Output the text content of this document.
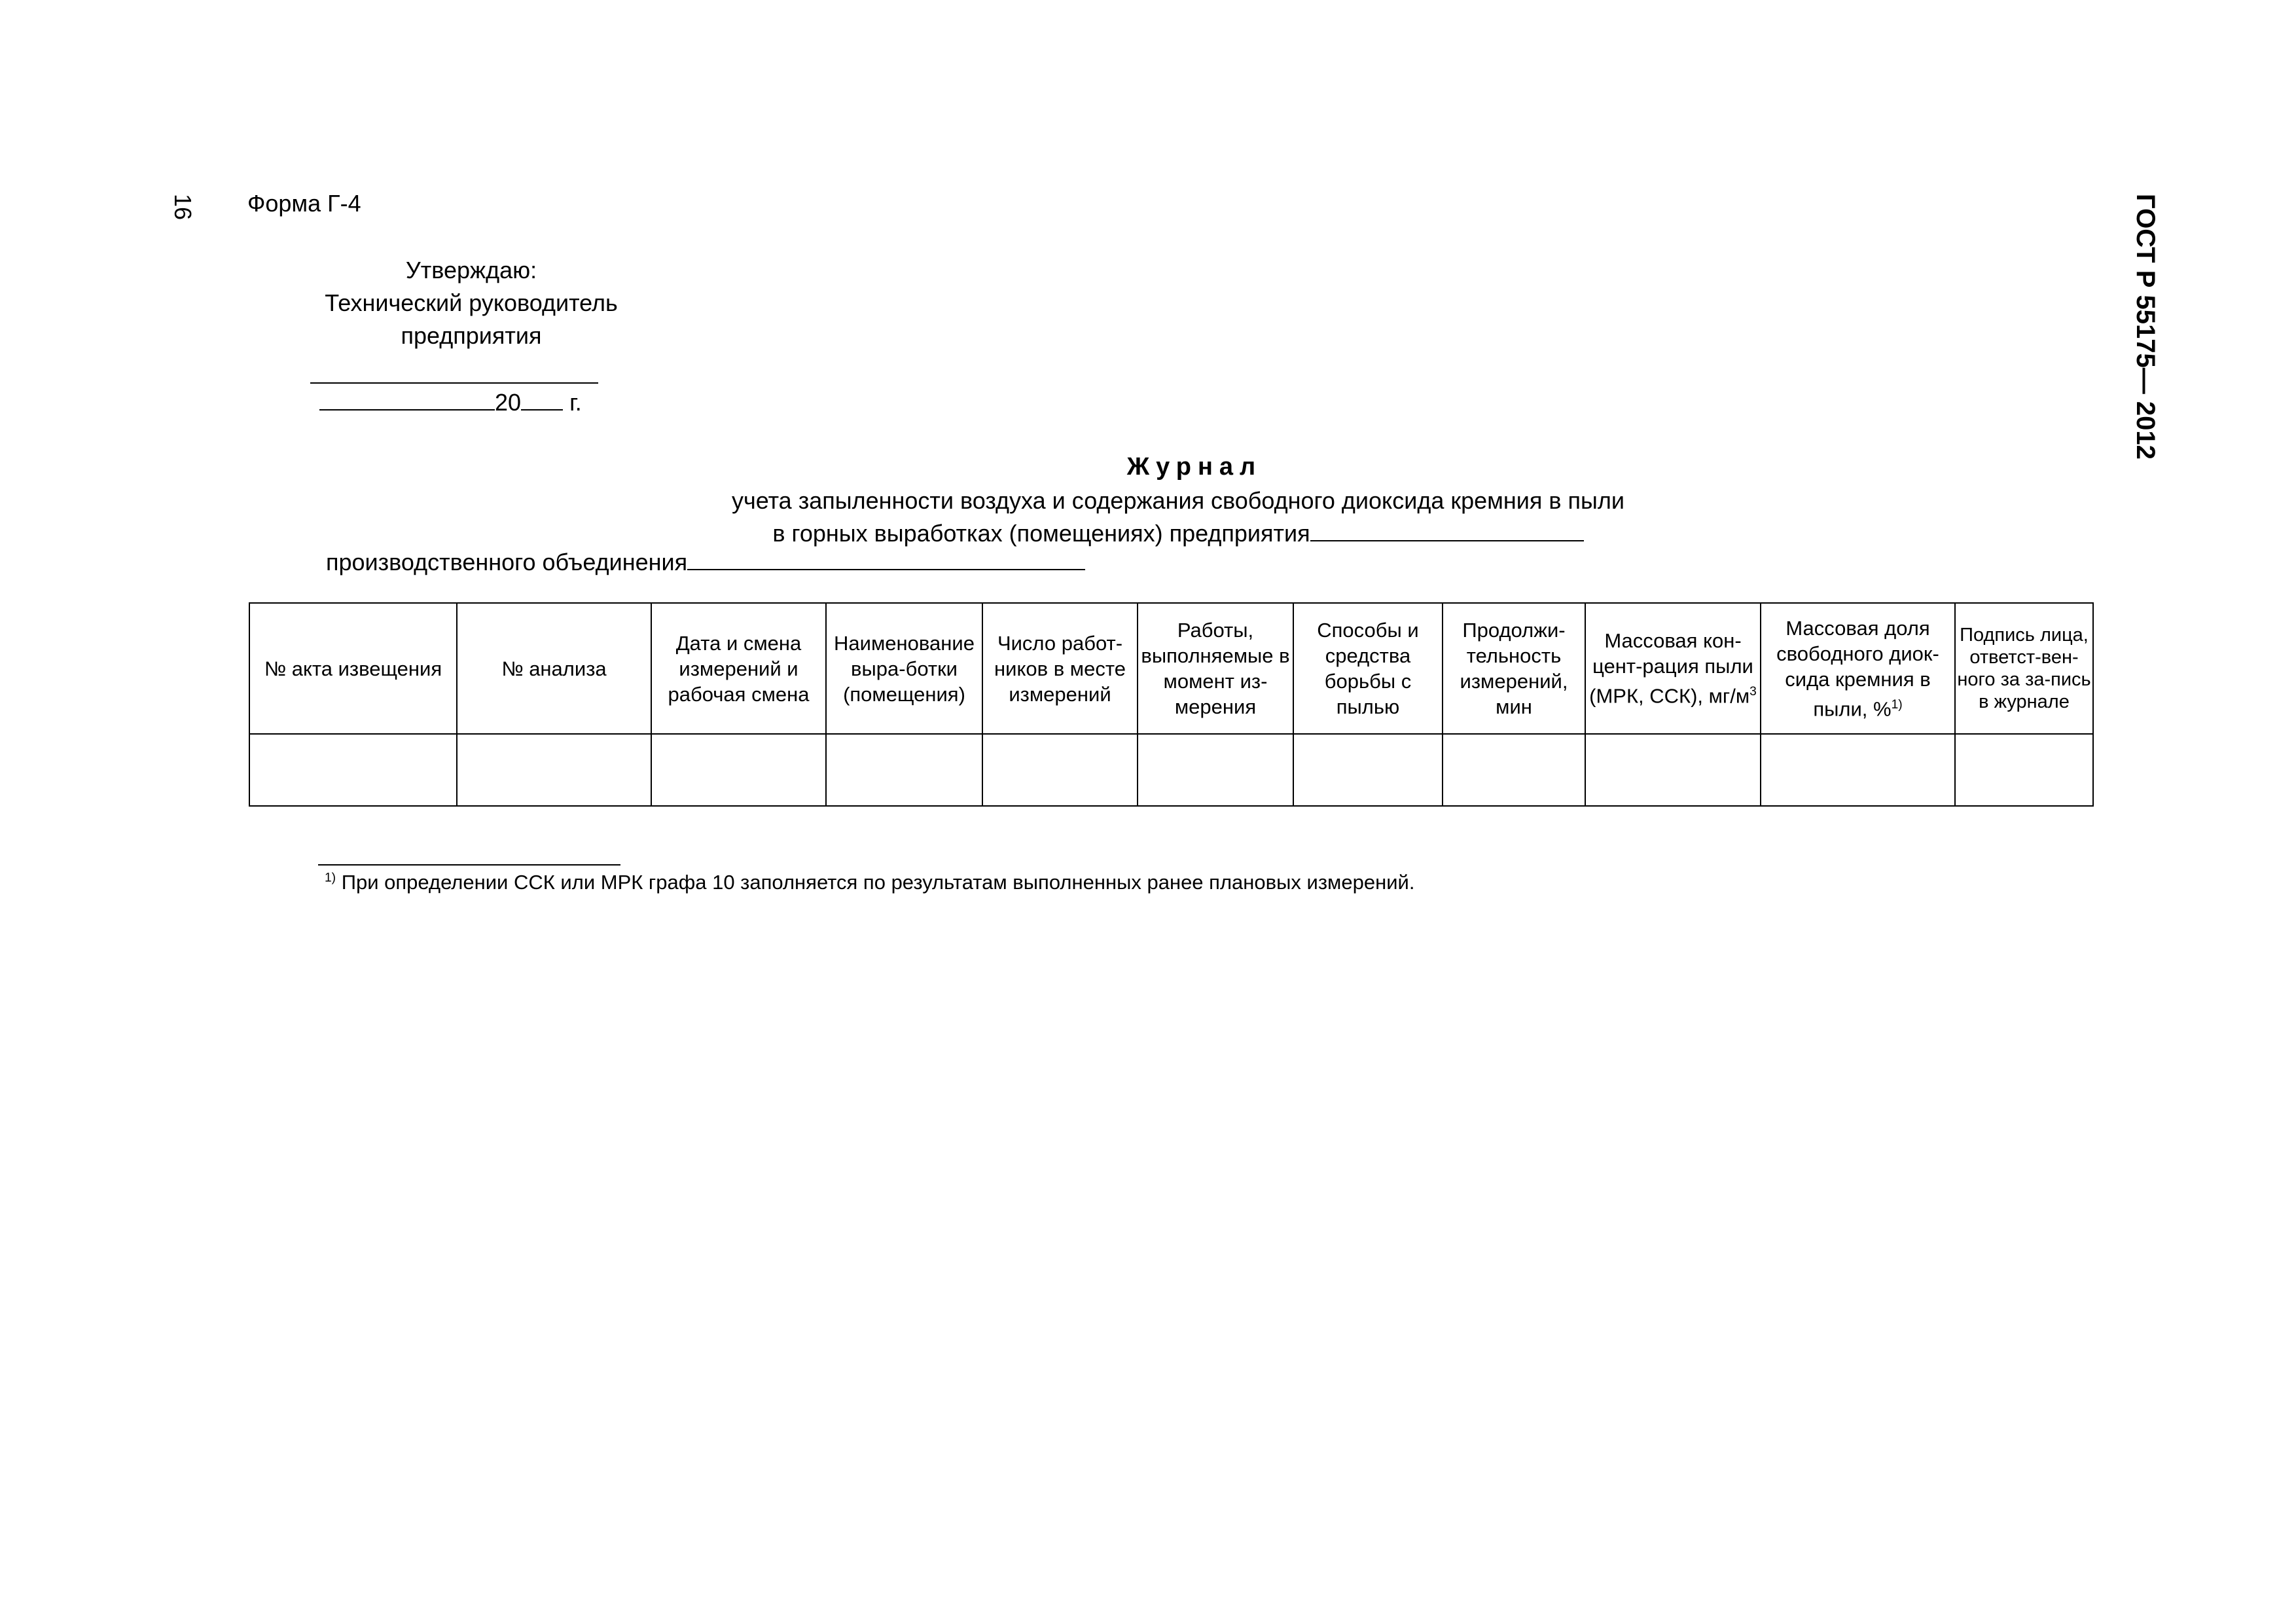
16 Форма Г-4	ГОСТ Р 55175— 2012
Утверждаю:
Технический руководитель
предприятия
20 г.
Журнал
учета запыленности воздуха и содержания свободного диоксида кремния в пыли
в горных выработках (помещениях) предприятия
производственного объединения
№ акта извещения	№ анализа	Дата и смена измерений и рабочая смена	Наименование выра-ботки (помещения)	Число работ-ников в месте измерений	Работы, выполняемые в момент из-мерения	Способы и средства борьбы с пылью	Продолжи-тельность измерений, мин	Массовая кон-цент-рация пыли (МРК, ССК), $мг/м^3$	Массовая доля свободного диок-сида кремния в пыли, %$^{1)}$	Подпись лица, ответст-вен-ного за за-пись в журнале

$^{1)}$ При определении ССК или МРК графа 10 заполняется по результатам выполненных ранее плановых измерений.
